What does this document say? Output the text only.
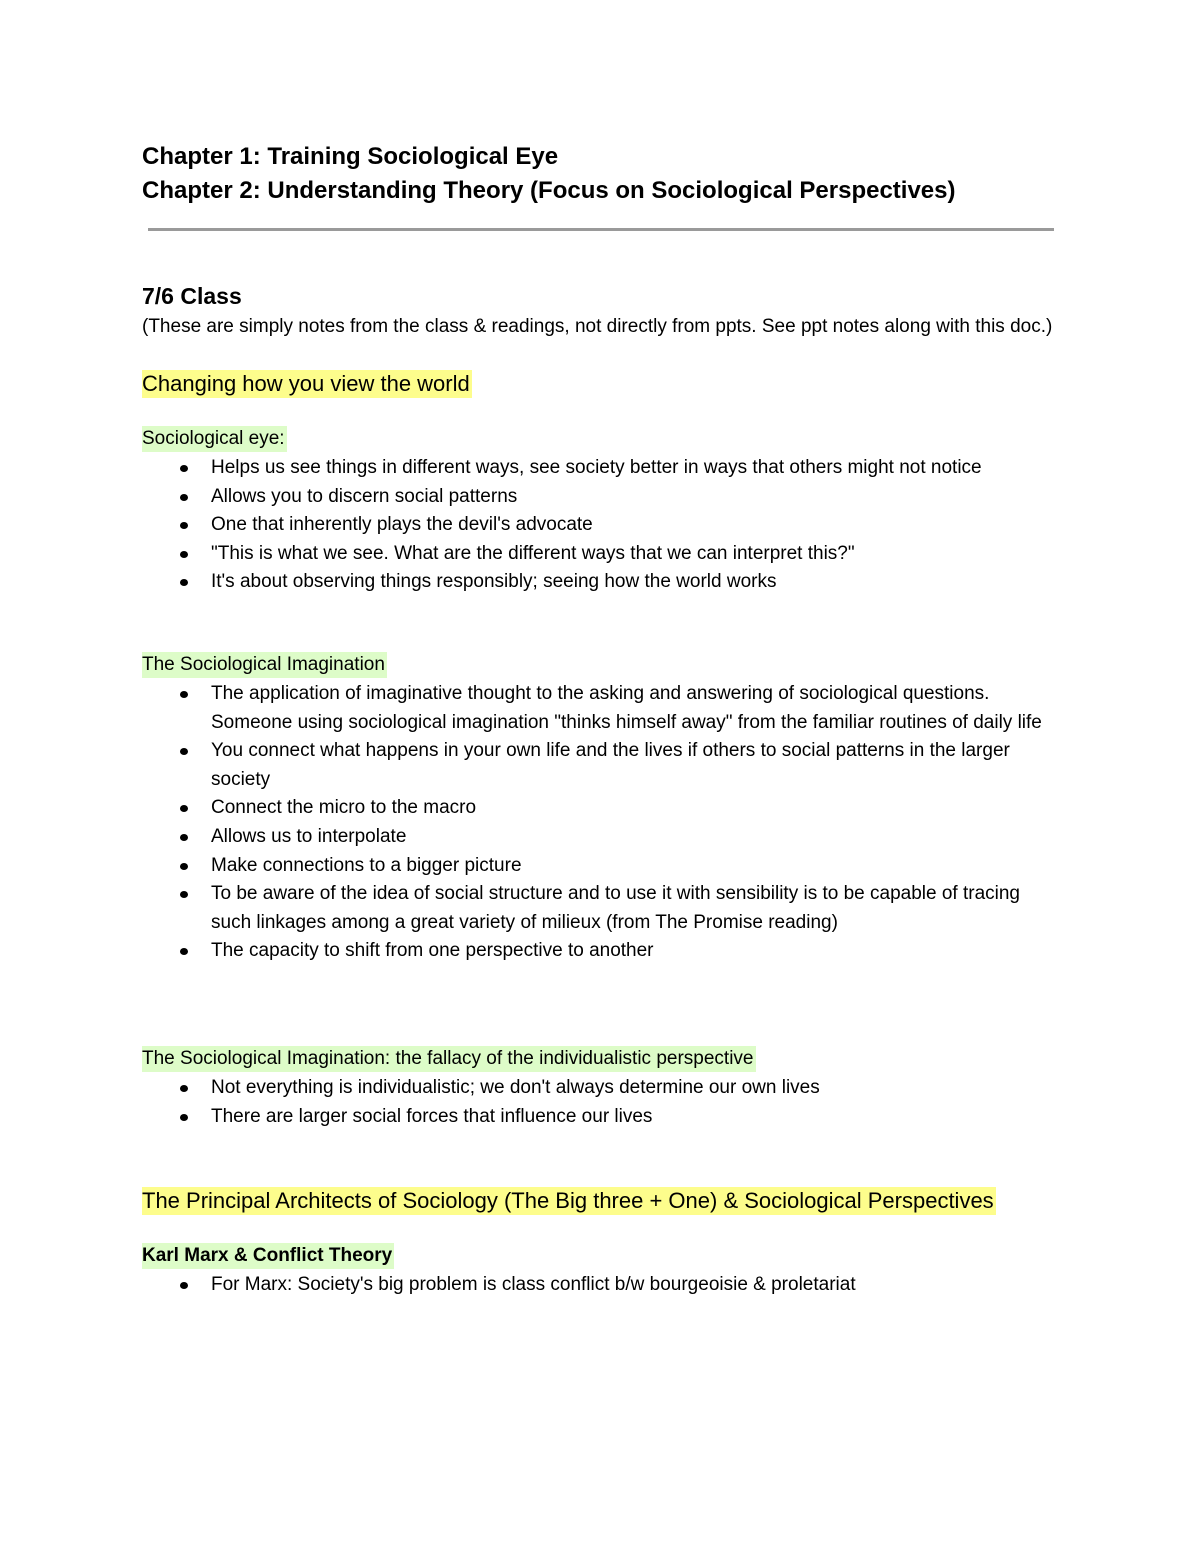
Chapter 1: Training Sociological Eye
Chapter 2: Understanding Theory (Focus on Sociological Perspectives)
7/6 Class

(These are simply notes from the class & readings, not directly from ppts. See ppt notes along with this doc.)

Changing how you view the world
Sociological eye:
Helps us see things in different ways, see society better in ways that others might not notice
Allows you to discern social patterns
One that inherently plays the devil's advocate
"This is what we see. What are the different ways that we can interpret this?"
It's about observing things responsibly; seeing how the world works
The Sociological Imagination
The application of imaginative thought to the asking and answering of sociological questions. Someone using sociological imagination "thinks himself away" from the familiar routines of daily life
You connect what happens in your own life and the lives if others to social patterns in the larger society
Connect the micro to the macro
Allows us to interpolate
Make connections to a bigger picture
To be aware of the idea of social structure and to use it with sensibility is to be capable of tracing such linkages among a great variety of milieux (from The Promise reading)
The capacity to shift from one perspective to another
The Sociological Imagination: the fallacy of the individualistic perspective
Not everything is individualistic; we don't always determine our own lives
There are larger social forces that influence our lives
The Principal Architects of Sociology (The Big three + One) & Sociological Perspectives
Karl Marx & Conflict Theory
For Marx: Society's big problem is class conflict b/w bourgeoisie & proletariat
